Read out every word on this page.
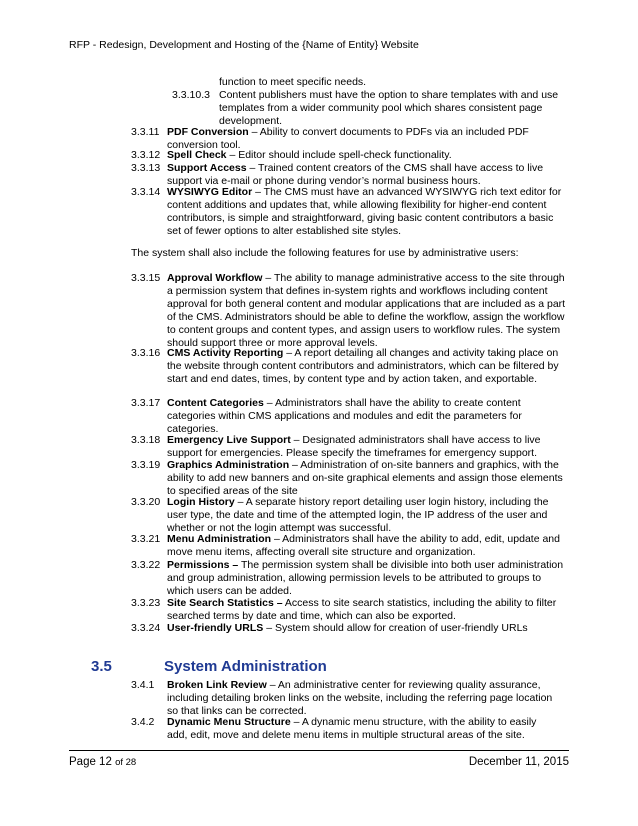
RFP - Redesign, Development and Hosting of the {Name of Entity} Website
function to meet specific needs.
3.3.10.3 Content publishers must have the option to share templates with and use templates from a wider community pool which shares consistent page development.
3.3.11 PDF Conversion – Ability to convert documents to PDFs via an included PDF conversion tool.
3.3.12 Spell Check – Editor should include spell-check functionality.
3.3.13 Support Access – Trained content creators of the CMS shall have access to live support via e-mail or phone during vendor’s normal business hours.
3.3.14 WYSIWYG Editor – The CMS must have an advanced WYSIWYG rich text editor for content additions and updates that, while allowing flexibility for higher-end content contributors, is simple and straightforward, giving basic content contributors a basic set of fewer options to alter established site styles.
The system shall also include the following features for use by administrative users:
3.3.15 Approval Workflow – The ability to manage administrative access to the site through a permission system that defines in-system rights and workflows including content approval for both general content and modular applications that are included as a part of the CMS. Administrators should be able to define the workflow, assign the workflow to content groups and content types, and assign users to workflow rules. The system should support three or more approval levels.
3.3.16 CMS Activity Reporting – A report detailing all changes and activity taking place on the website through content contributors and administrators, which can be filtered by start and end dates, times, by content type and by action taken, and exportable.
3.3.17 Content Categories – Administrators shall have the ability to create content categories within CMS applications and modules and edit the parameters for categories.
3.3.18 Emergency Live Support – Designated administrators shall have access to live support for emergencies. Please specify the timeframes for emergency support.
3.3.19 Graphics Administration – Administration of on-site banners and graphics, with the ability to add new banners and on-site graphical elements and assign those elements to specified areas of the site
3.3.20 Login History – A separate history report detailing user login history, including the user type, the date and time of the attempted login, the IP address of the user and whether or not the login attempt was successful.
3.3.21 Menu Administration – Administrators shall have the ability to add, edit, update and move menu items, affecting overall site structure and organization.
3.3.22 Permissions – The permission system shall be divisible into both user administration and group administration, allowing permission levels to be attributed to groups to which users can be added.
3.3.23 Site Search Statistics – Access to site search statistics, including the ability to filter searched terms by date and time, which can also be exported.
3.3.24 User-friendly URLS – System should allow for creation of user-friendly URLs
3.5	System Administration
3.4.1 Broken Link Review – An administrative center for reviewing quality assurance, including detailing broken links on the website, including the referring page location so that links can be corrected.
3.4.2 Dynamic Menu Structure – A dynamic menu structure, with the ability to easily add, edit, move and delete menu items in multiple structural areas of the site.
Page 12 of 28	December 11, 2015
